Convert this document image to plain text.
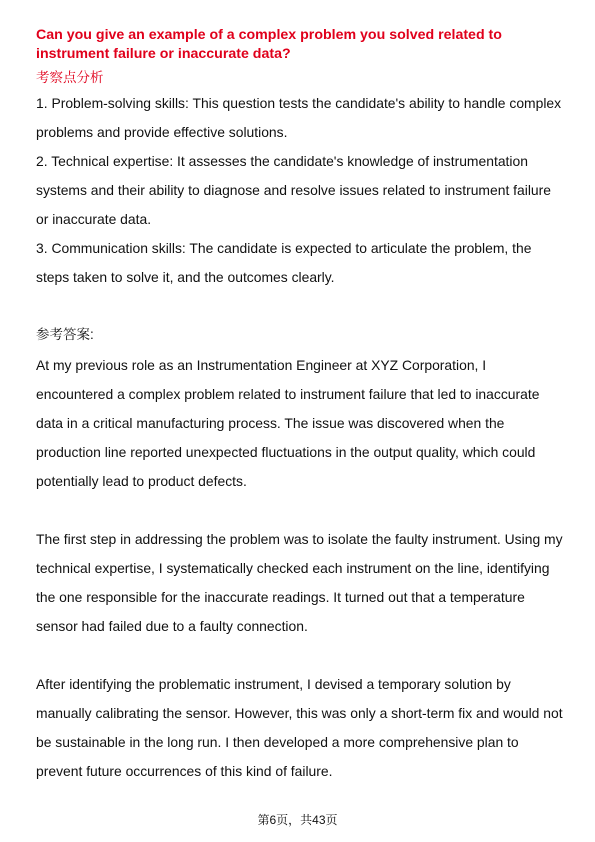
Can you give an example of a complex problem you solved related to instrument failure or inaccurate data?

考察点分析

1. Problem-solving skills: This question tests the candidate's ability to handle complex problems and provide effective solutions.

2. Technical expertise: It assesses the candidate's knowledge of instrumentation systems and their ability to diagnose and resolve issues related to instrument failure or inaccurate data.

3. Communication skills: The candidate is expected to articulate the problem, the steps taken to solve it, and the outcomes clearly.

参考答案:

At my previous role as an Instrumentation Engineer at XYZ Corporation, I encountered a complex problem related to instrument failure that led to inaccurate data in a critical manufacturing process. The issue was discovered when the production line reported unexpected fluctuations in the output quality, which could potentially lead to product defects.

The first step in addressing the problem was to isolate the faulty instrument. Using my technical expertise, I systematically checked each instrument on the line, identifying the one responsible for the inaccurate readings. It turned out that a temperature sensor had failed due to a faulty connection.

After identifying the problematic instrument, I devised a temporary solution by manually calibrating the sensor. However, this was only a short-term fix and would not be sustainable in the long run. I then developed a more comprehensive plan to prevent future occurrences of this kind of failure.

第6页，共43页
